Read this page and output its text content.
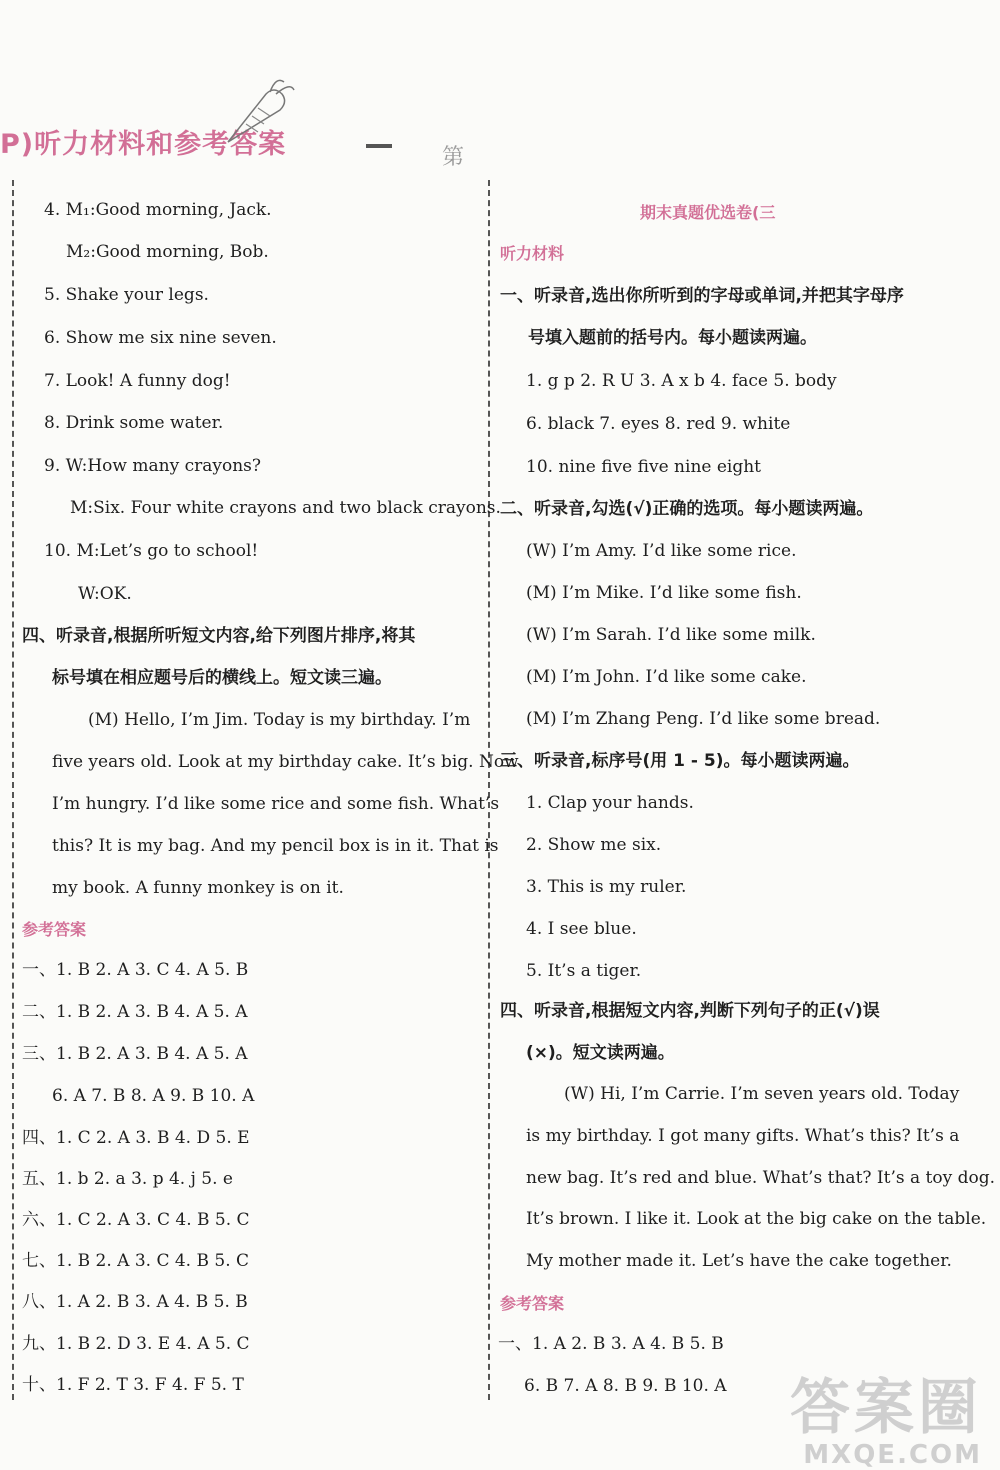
P)听力材料和参考答案	第
期末真题优选卷(三
4. M₁:Good morning, Jack.
M₂:Good morning, Bob.
5. Shake your legs.
6. Show me six nine seven.
7. Look! A funny dog!
8. Drink some water.
9. W:How many crayons?
M:Six. Four white crayons and two black crayons.
10. M:Let’s go to school!
W:OK.
四、听录音,根据所听短文内容,给下列图片排序,将其
标号填在相应题号后的横线上。短文读三遍。
(M) Hello, I’m Jim. Today is my birthday. I’m
five years old. Look at my birthday cake. It’s big. Now
I’m hungry. I’d like some rice and some fish. What’s
this? It is my bag. And my pencil box is in it. That is
my book. A funny monkey is on it.
参考答案
一、1. B 2. A 3. C 4. A 5. B
二、1. B 2. A 3. B 4. A 5. A
三、1. B 2. A 3. B 4. A 5. A
6. A 7. B 8. A 9. B 10. A
四、1. C 2. A 3. B 4. D 5. E
五、1. b 2. a 3. p 4. j 5. e
六、1. C 2. A 3. C 4. B 5. C
七、1. B 2. A 3. C 4. B 5. C
八、1. A 2. B 3. A 4. B 5. B
九、1. B 2. D 3. E 4. A 5. C
十、1. F 2. T 3. F 4. F 5. T
听力材料
一、听录音,选出你所听到的字母或单词,并把其字母序
号填入题前的括号内。每小题读两遍。
1. g p 2. R U 3. A x b 4. face 5. body
6. black 7. eyes 8. red 9. white
10. nine five five nine eight
二、听录音,勾选(√)正确的选项。每小题读两遍。
(W) I’m Amy. I’d like some rice.
(M) I’m Mike. I’d like some fish.
(W) I’m Sarah. I’d like some milk.
(M) I’m John. I’d like some cake.
(M) I’m Zhang Peng. I’d like some bread.
三、听录音,标序号(用 1 - 5)。每小题读两遍。
1. Clap your hands.
2. Show me six.
3. This is my ruler.
4. I see blue.
5. It’s a tiger.
四、听录音,根据短文内容,判断下列句子的正(√)误
(×)。短文读两遍。
(W) Hi, I’m Carrie. I’m seven years old. Today
is my birthday. I got many gifts. What’s this? It’s a
new bag. It’s red and blue. What’s that? It’s a toy dog.
It’s brown. I like it. Look at the big cake on the table.
My mother made it. Let’s have the cake together.
参考答案
一、1. A 2. B 3. A 4. B 5. B
6. B 7. A 8. B 9. B 10. A 答案圈
MXQE.COM
